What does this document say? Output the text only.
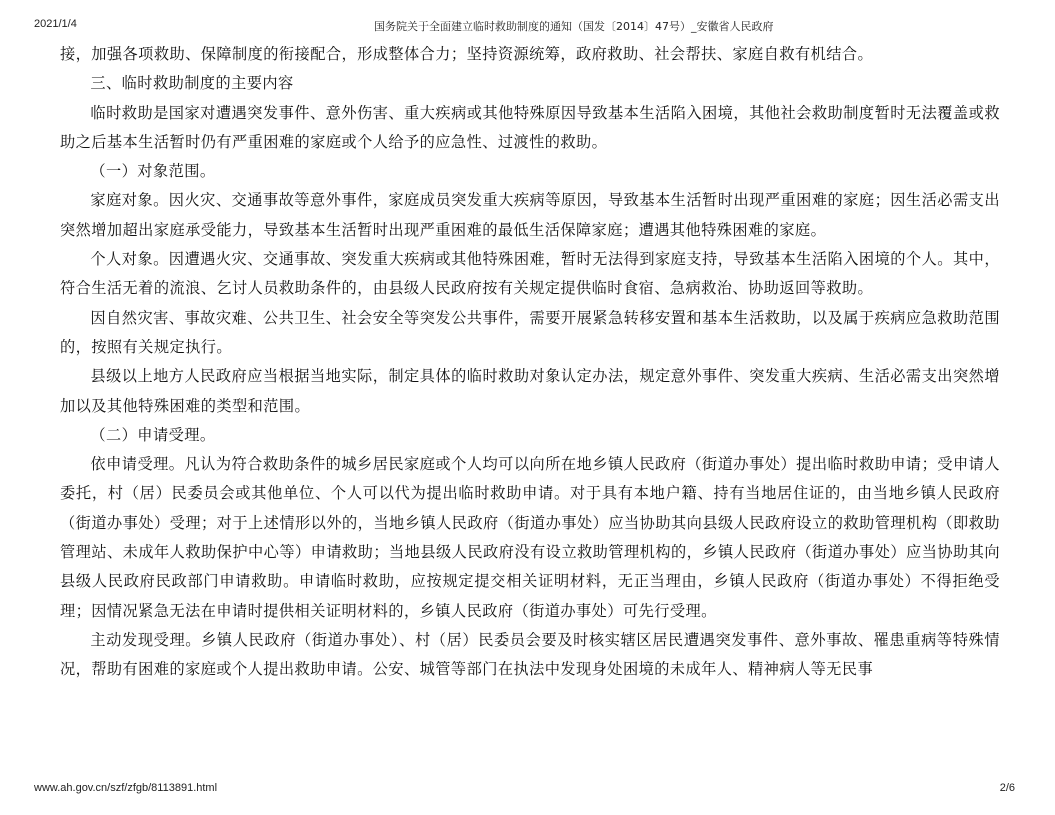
2021/1/4	国务院关于全面建立临时救助制度的通知（国发〔2014〕47号）_安徽省人民政府

接，加强各项救助、保障制度的衔接配合，形成整体合力；坚持资源统筹，政府救助、社会帮扶、家庭自救有机结合。

三、临时救助制度的主要内容

临时救助是国家对遭遇突发事件、意外伤害、重大疾病或其他特殊原因导致基本生活陷入困境，其他社会救助制度暂时无法覆盖或救助之后基本生活暂时仍有严重困难的家庭或个人给予的应急性、过渡性的救助。

（一）对象范围。

家庭对象。因火灾、交通事故等意外事件，家庭成员突发重大疾病等原因，导致基本生活暂时出现严重困难的家庭；因生活必需支出突然增加超出家庭承受能力，导致基本生活暂时出现严重困难的最低生活保障家庭；遭遇其他特殊困难的家庭。

个人对象。因遭遇火灾、交通事故、突发重大疾病或其他特殊困难，暂时无法得到家庭支持，导致基本生活陷入困境的个人。其中，符合生活无着的流浪、乞讨人员救助条件的，由县级人民政府按有关规定提供临时食宿、急病救治、协助返回等救助。

因自然灾害、事故灾难、公共卫生、社会安全等突发公共事件，需要开展紧急转移安置和基本生活救助，以及属于疾病应急救助范围的，按照有关规定执行。

县级以上地方人民政府应当根据当地实际，制定具体的临时救助对象认定办法，规定意外事件、突发重大疾病、生活必需支出突然增加以及其他特殊困难的类型和范围。

（二）申请受理。

依申请受理。凡认为符合救助条件的城乡居民家庭或个人均可以向所在地乡镇人民政府（街道办事处）提出临时救助申请；受申请人委托，村（居）民委员会或其他单位、个人可以代为提出临时救助申请。对于具有本地户籍、持有当地居住证的，由当地乡镇人民政府（街道办事处）受理；对于上述情形以外的，当地乡镇人民政府（街道办事处）应当协助其向县级人民政府设立的救助管理机构（即救助管理站、未成年人救助保护中心等）申请救助；当地县级人民政府没有设立救助管理机构的，乡镇人民政府（街道办事处）应当协助其向县级人民政府民政部门申请救助。申请临时救助，应按规定提交相关证明材料，无正当理由，乡镇人民政府（街道办事处）不得拒绝受理；因情况紧急无法在申请时提供相关证明材料的，乡镇人民政府（街道办事处）可先行受理。

主动发现受理。乡镇人民政府（街道办事处）、村（居）民委员会要及时核实辖区居民遭遇突发事件、意外事故、罹患重病等特殊情况，帮助有困难的家庭或个人提出救助申请。公安、城管等部门在执法中发现身处困境的未成年人、精神病人等无民事

www.ah.gov.cn/szf/zfgb/8113891.html	2/6
